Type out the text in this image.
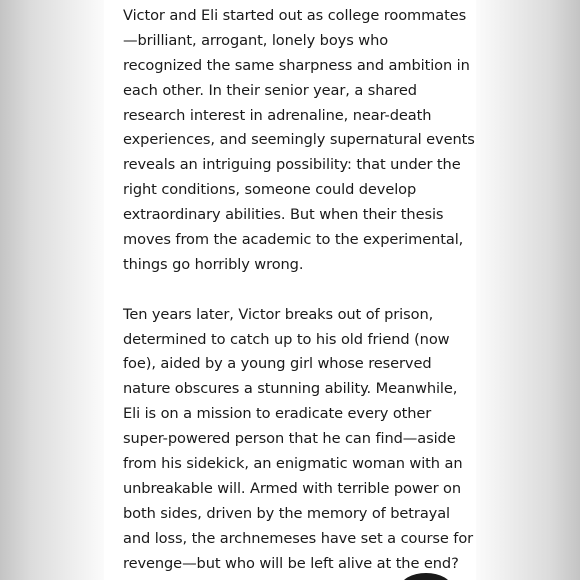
Victor and Eli started out as college roommates
—brilliant, arrogant, lonely boys who
recognized the same sharpness and ambition in
each other. In their senior year, a shared
research interest in adrenaline, near-death
experiences, and seemingly supernatural events
reveals an intriguing possibility: that under the
right conditions, someone could develop
extraordinary abilities. But when their thesis
moves from the academic to the experimental,
things go horribly wrong.
Ten years later, Victor breaks out of prison,
determined to catch up to his old friend (now
foe), aided by a young girl whose reserved
nature obscures a stunning ability. Meanwhile,
Eli is on a mission to eradicate every other
super-powered person that he can find—aside
from his sidekick, an enigmatic woman with an
unbreakable will. Armed with terrible power on
both sides, driven by the memory of betrayal
and loss, the archnemeses have set a course for
revenge—but who will be left alive at the end?
